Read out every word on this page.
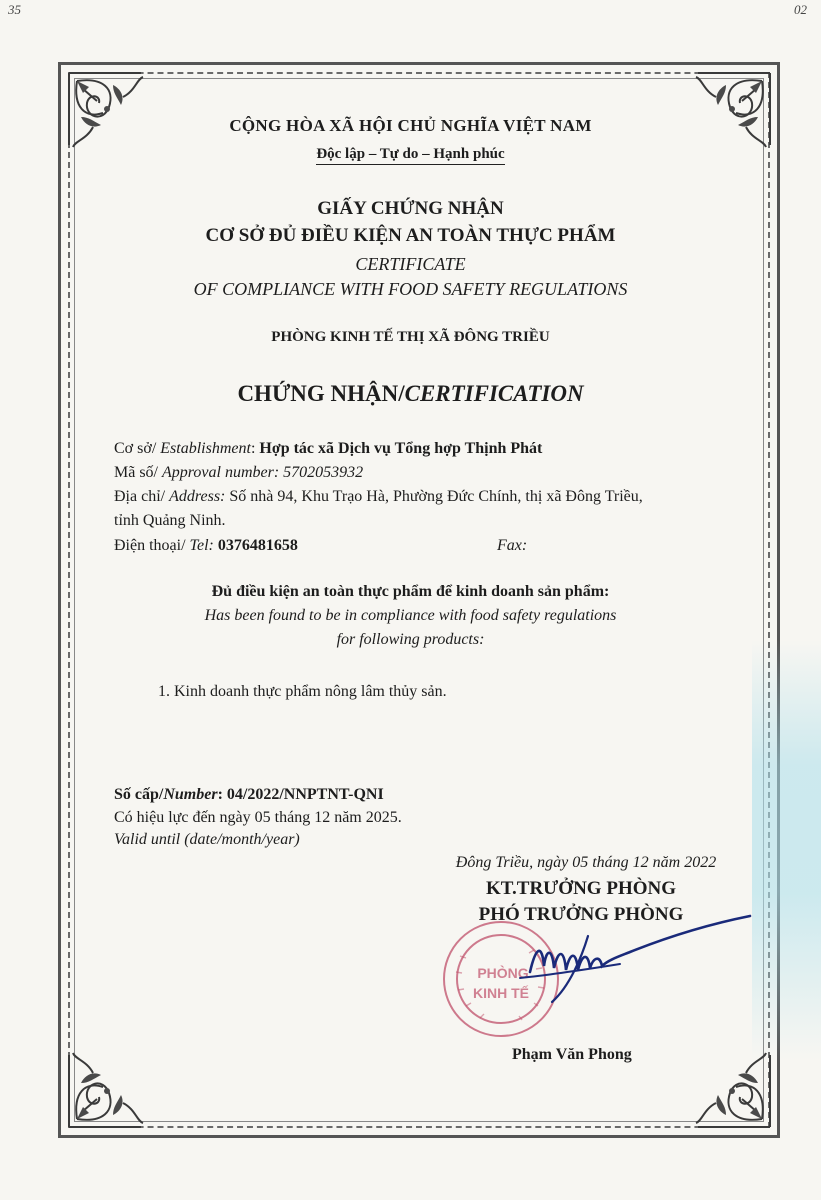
35	02
CỘNG HÒA XÃ HỘI CHỦ NGHĨA VIỆT NAM
Độc lập – Tự do – Hạnh phúc
GIẤY CHỨNG NHẬN
CƠ SỞ ĐỦ ĐIỀU KIỆN AN TOÀN THỰC PHẨM
CERTIFICATE
OF COMPLIANCE WITH FOOD SAFETY REGULATIONS
PHÒNG KINH TẾ THỊ XÃ ĐÔNG TRIỀU
CHỨNG NHẬN/CERTIFICATION
Cơ sở/ Establishment: Hợp tác xã Dịch vụ Tổng hợp Thịnh Phát
Mã số/ Approval number: 5702053932
Địa chỉ/ Address: Số nhà 94, Khu Trạo Hà, Phường Đức Chính, thị xã Đông Triều,
tỉnh Quảng Ninh.
Điện thoại/ Tel: 0376481658	Fax:
Đủ điều kiện an toàn thực phẩm để kinh doanh sản phẩm:
Has been found to be in compliance with food safety regulations
for following products:
1. Kinh doanh thực phẩm nông lâm thủy sản.
Số cấp/Number: 04/2022/NNPTNT-QNI
Có hiệu lực đến ngày 05 tháng 12 năm 2025.
Valid until (date/month/year)
Đông Triều, ngày 05 tháng 12 năm 2022
KT.TRƯỞNG PHÒNG
PHÓ TRƯỞNG PHÒNG
PHÒNG
KINH TẾ
Phạm Văn Phong
